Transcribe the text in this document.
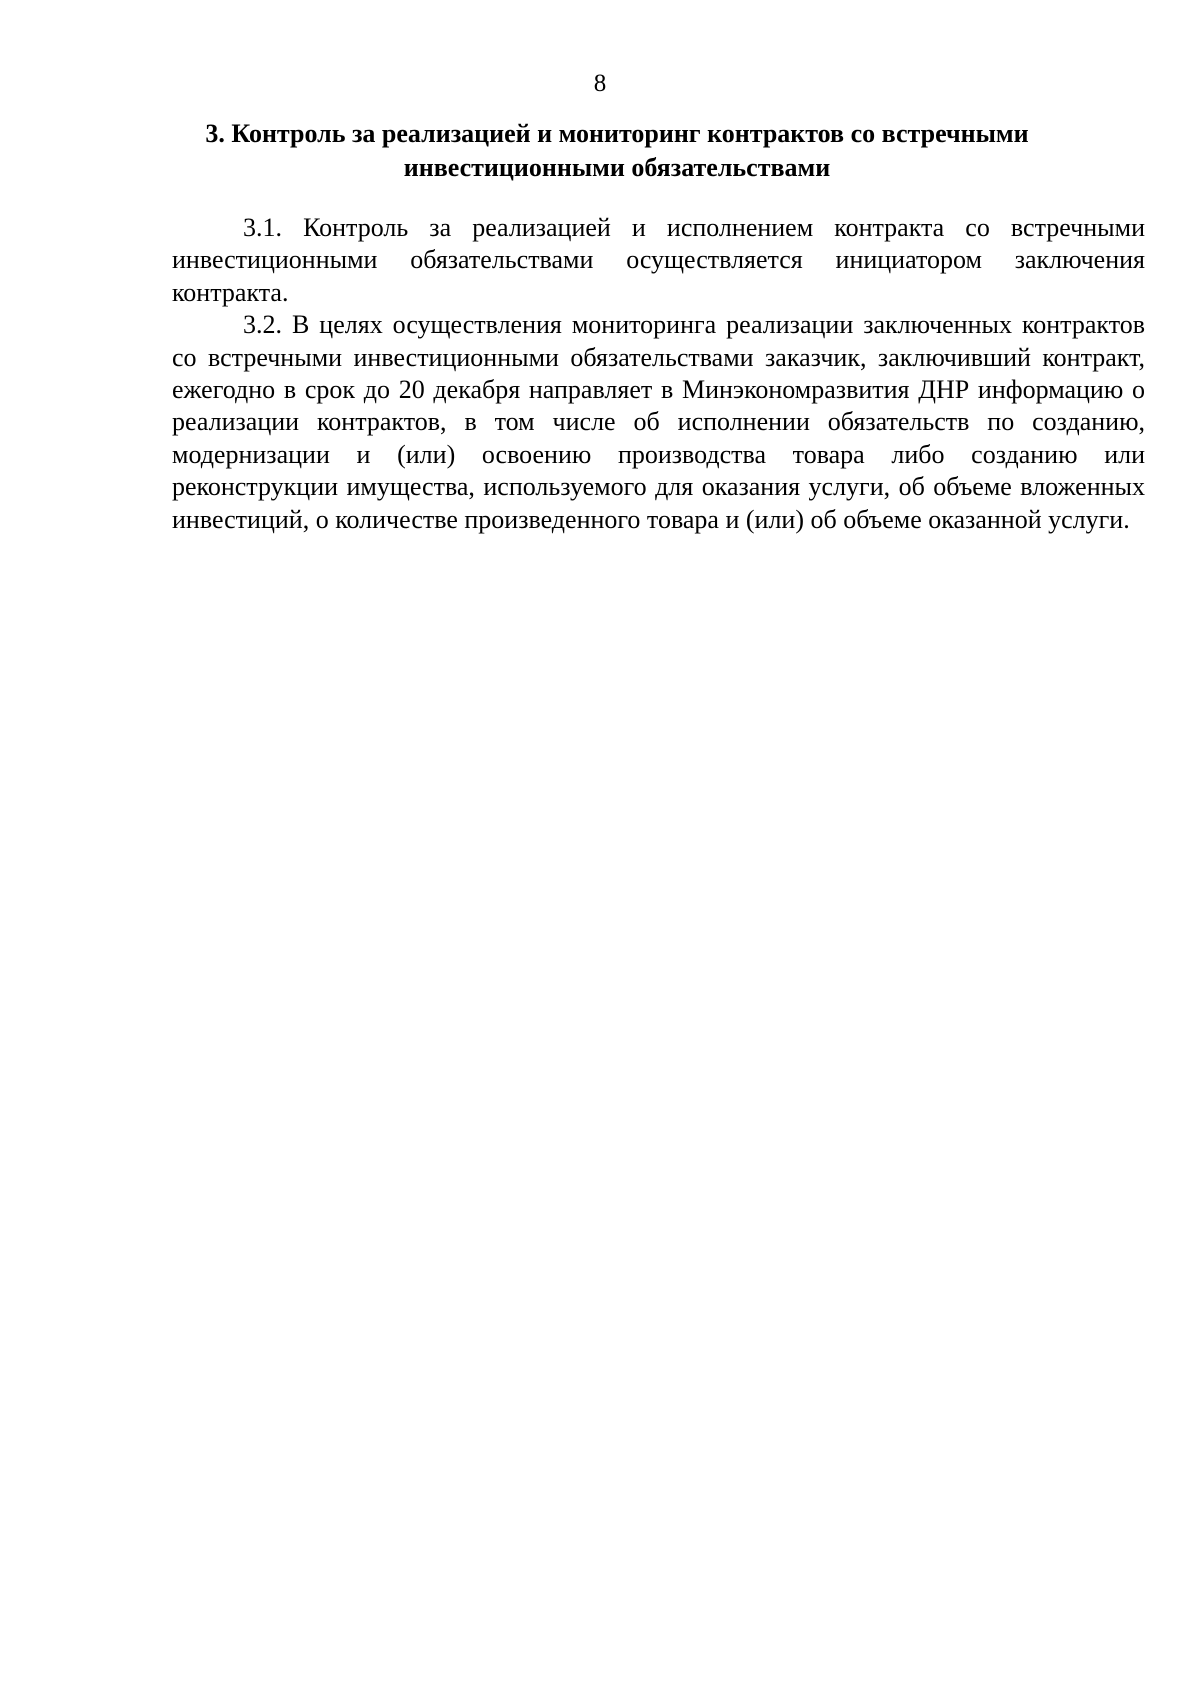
8
3. Контроль за реализацией и мониторинг контрактов со встречными инвестиционными обязательствами

3.1. Контроль за реализацией и исполнением контракта со встречными инвестиционными обязательствами осуществляется инициатором заключения контракта.

3.2. В целях осуществления мониторинга реализации заключенных контрактов со встречными инвестиционными обязательствами заказчик, заключивший контракт, ежегодно в срок до 20 декабря направляет в Минэкономразвития ДНР информацию о реализации контрактов, в том числе об исполнении обязательств по созданию, модернизации и (или) освоению производства товара либо созданию или реконструкции имущества, используемого для оказания услуги, об объеме вложенных инвестиций, о количестве произведенного товара и (или) об объеме оказанной услуги.
